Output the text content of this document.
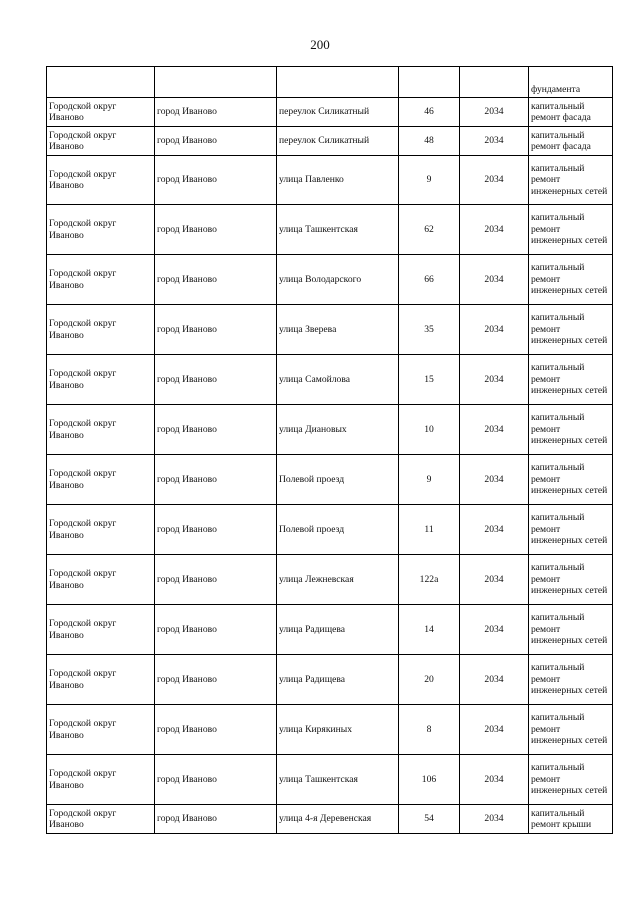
200
					фундамента
Городской округ Иваново	город Иваново	переулок Силикатный	46	2034	капитальный ремонт фасада
Городской округ Иваново	город Иваново	переулок Силикатный	48	2034	капитальный ремонт фасада
Городской округ Иваново	город Иваново	улица Павленко	9	2034	капитальный ремонт инженерных сетей
Городской округ Иваново	город Иваново	улица Ташкентская	62	2034	капитальный ремонт инженерных сетей
Городской округ Иваново	город Иваново	улица Володарского	66	2034	капитальный ремонт инженерных сетей
Городской округ Иваново	город Иваново	улица Зверева	35	2034	капитальный ремонт инженерных сетей
Городской округ Иваново	город Иваново	улица Самойлова	15	2034	капитальный ремонт инженерных сетей
Городской округ Иваново	город Иваново	улица Диановых	10	2034	капитальный ремонт инженерных сетей
Городской округ Иваново	город Иваново	Полевой проезд	9	2034	капитальный ремонт инженерных сетей
Городской округ Иваново	город Иваново	Полевой проезд	11	2034	капитальный ремонт инженерных сетей
Городской округ Иваново	город Иваново	улица Лежневская	122а	2034	капитальный ремонт инженерных сетей
Городской округ Иваново	город Иваново	улица Радищева	14	2034	капитальный ремонт инженерных сетей
Городской округ Иваново	город Иваново	улица Радищева	20	2034	капитальный ремонт инженерных сетей
Городской округ Иваново	город Иваново	улица Кирякиных	8	2034	капитальный ремонт инженерных сетей
Городской округ Иваново	город Иваново	улица Ташкентская	106	2034	капитальный ремонт инженерных сетей
Городской округ Иваново	город Иваново	улица 4-я Деревенская	54	2034	капитальный ремонт крыши
